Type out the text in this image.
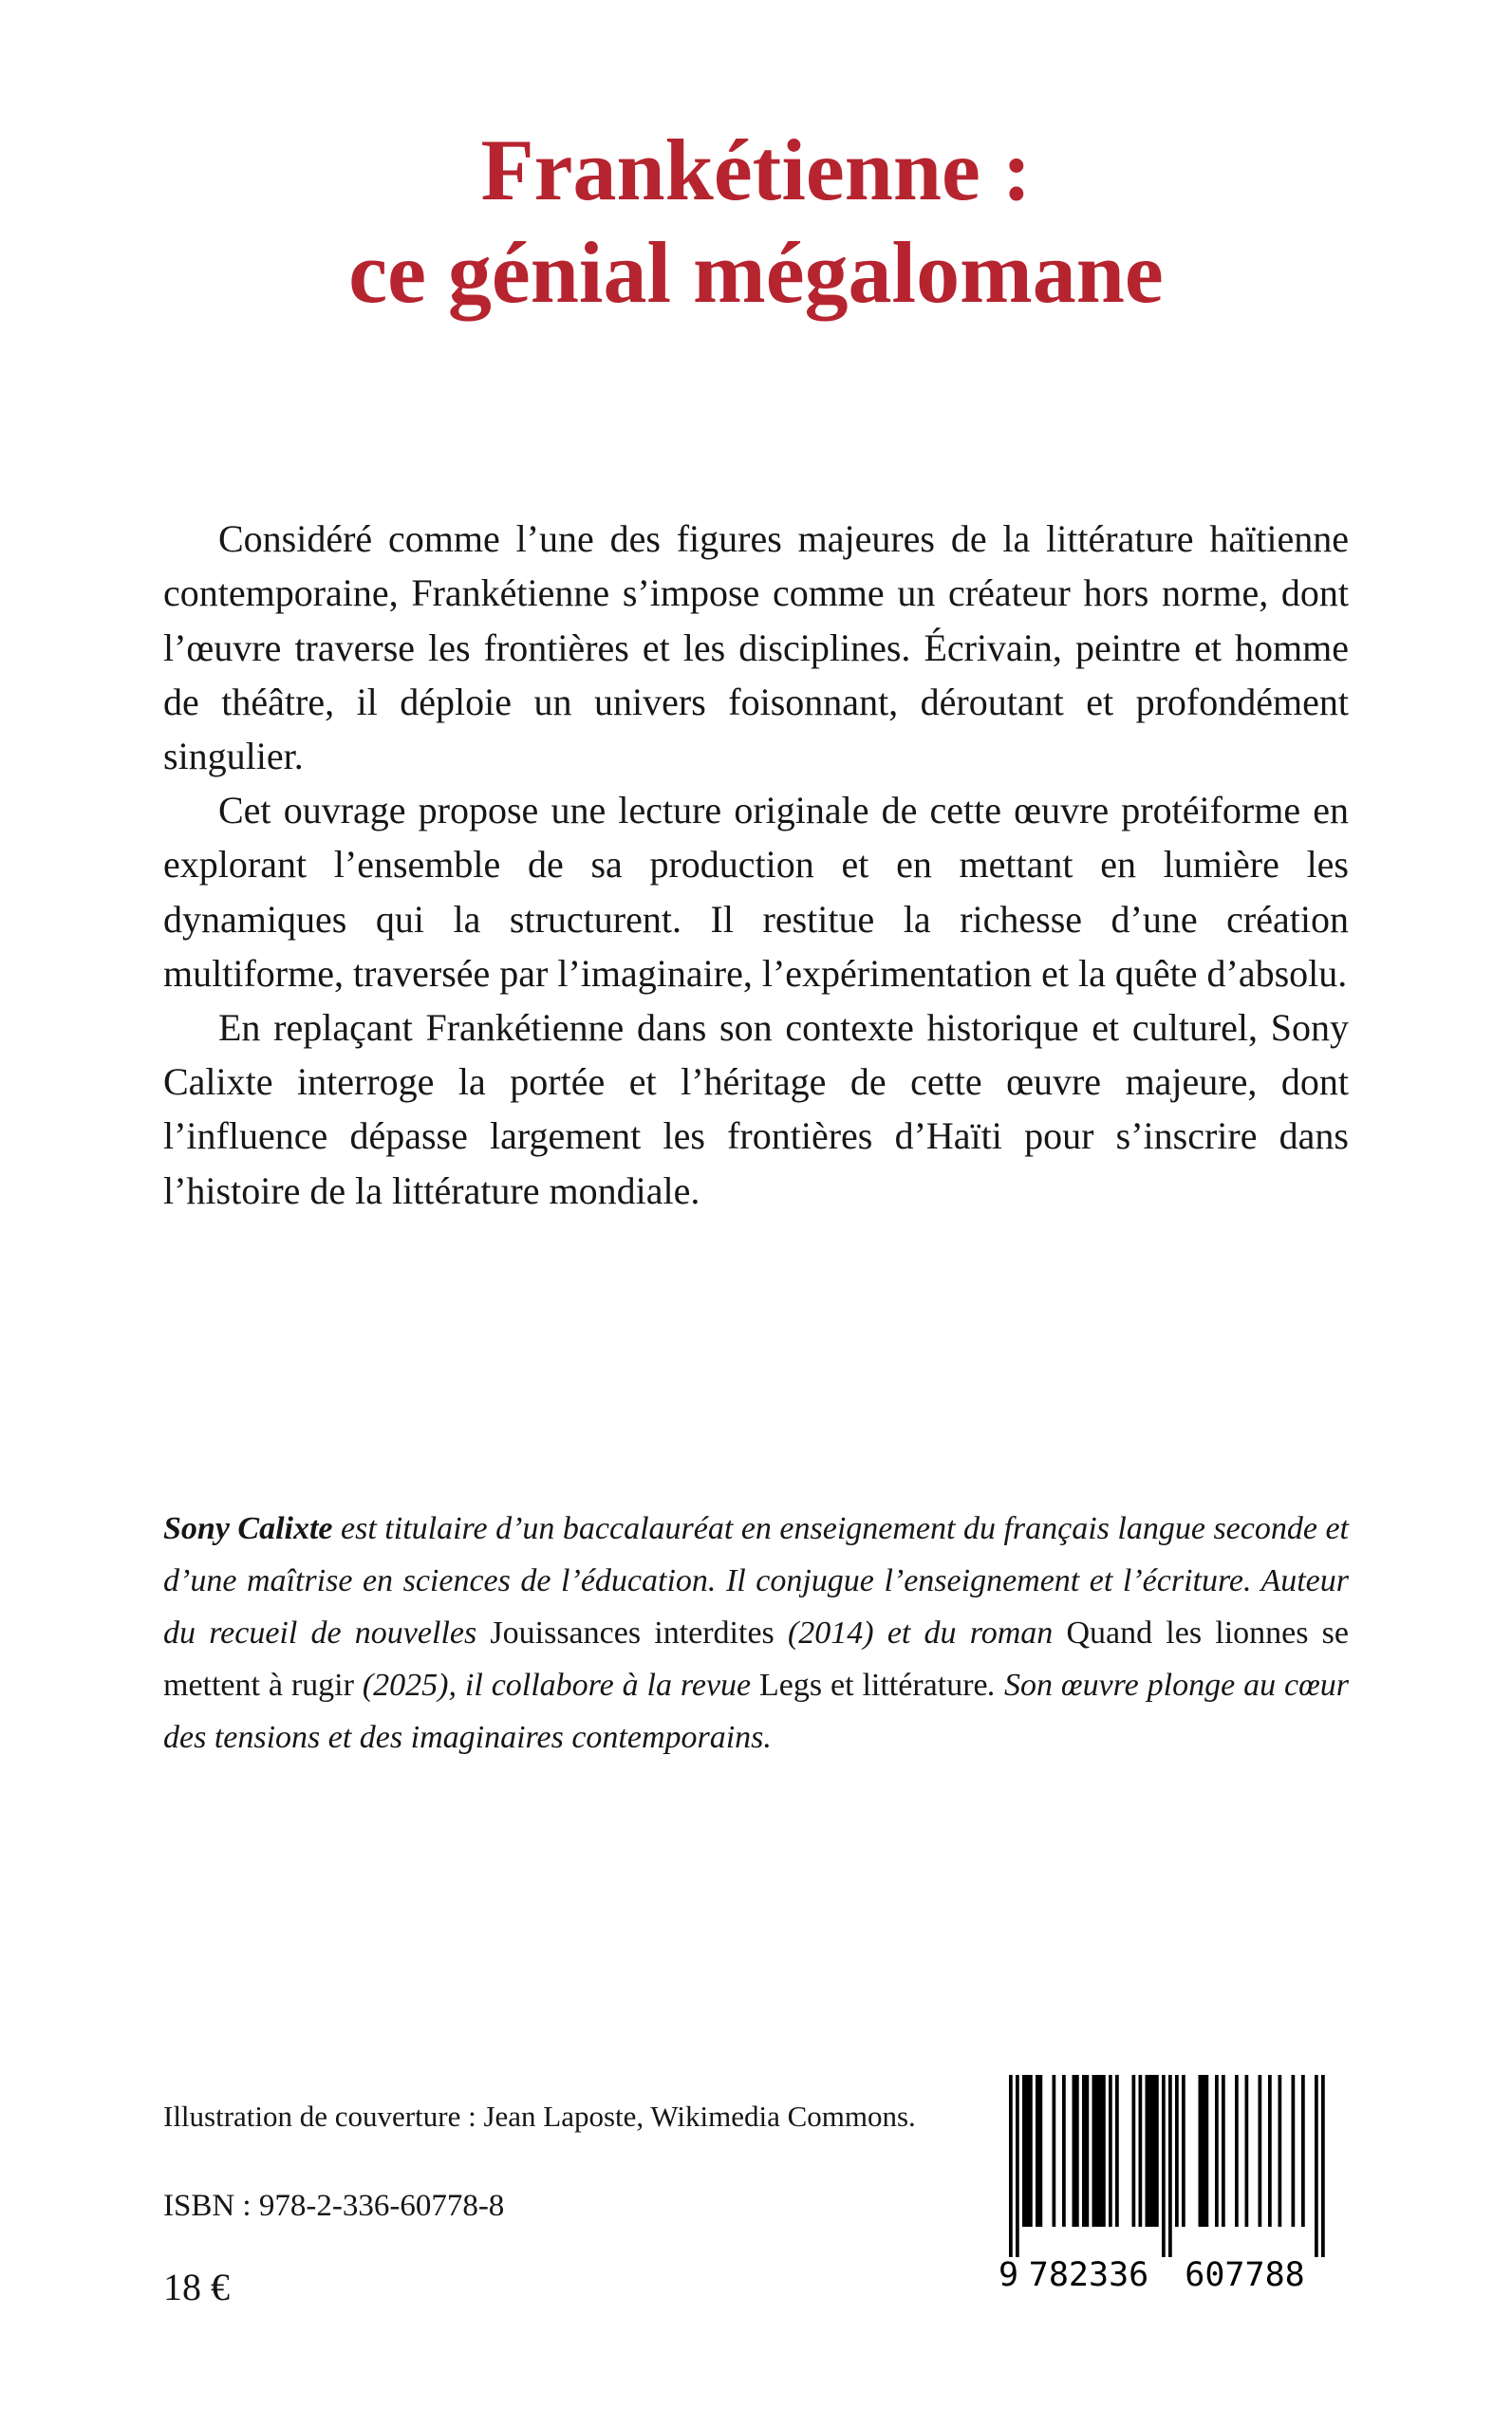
Frankétienne :
ce génial mégalomane

Considéré comme l’une des figures majeures de la littérature haïtienne contemporaine, Frankétienne s’impose comme un créateur hors norme, dont l’œuvre traverse les frontières et les disciplines. Écrivain, peintre et homme de théâtre, il déploie un univers foisonnant, déroutant et profondément singulier.

Cet ouvrage propose une lecture originale de cette œuvre protéiforme en explorant l’ensemble de sa production et en mettant en lumière les dynamiques qui la structurent. Il restitue la richesse d’une création multiforme, traversée par l’imaginaire, l’expérimentation et la quête d’absolu.

En replaçant Frankétienne dans son contexte historique et culturel, Sony Calixte interroge la portée et l’héritage de cette œuvre majeure, dont l’influence dépasse largement les frontières d’Haïti pour s’inscrire dans l’histoire de la littérature mondiale.

Sony Calixte est titulaire d’un baccalauréat en enseignement du français langue seconde et d’une maîtrise en sciences de l’éducation. Il conjugue l’enseignement et l’écriture. Auteur du recueil de nouvelles Jouissances interdites (2014) et du roman Quand les lionnes se mettent à rugir (2025), il collabore à la revue Legs et littérature. Son œuvre plonge au cœur des tensions et des imaginaires contemporains.
Illustration de couverture : Jean Laposte, Wikimedia Commons.
ISBN : 978-2-336-60778-8
18 €	9 782336 607788
